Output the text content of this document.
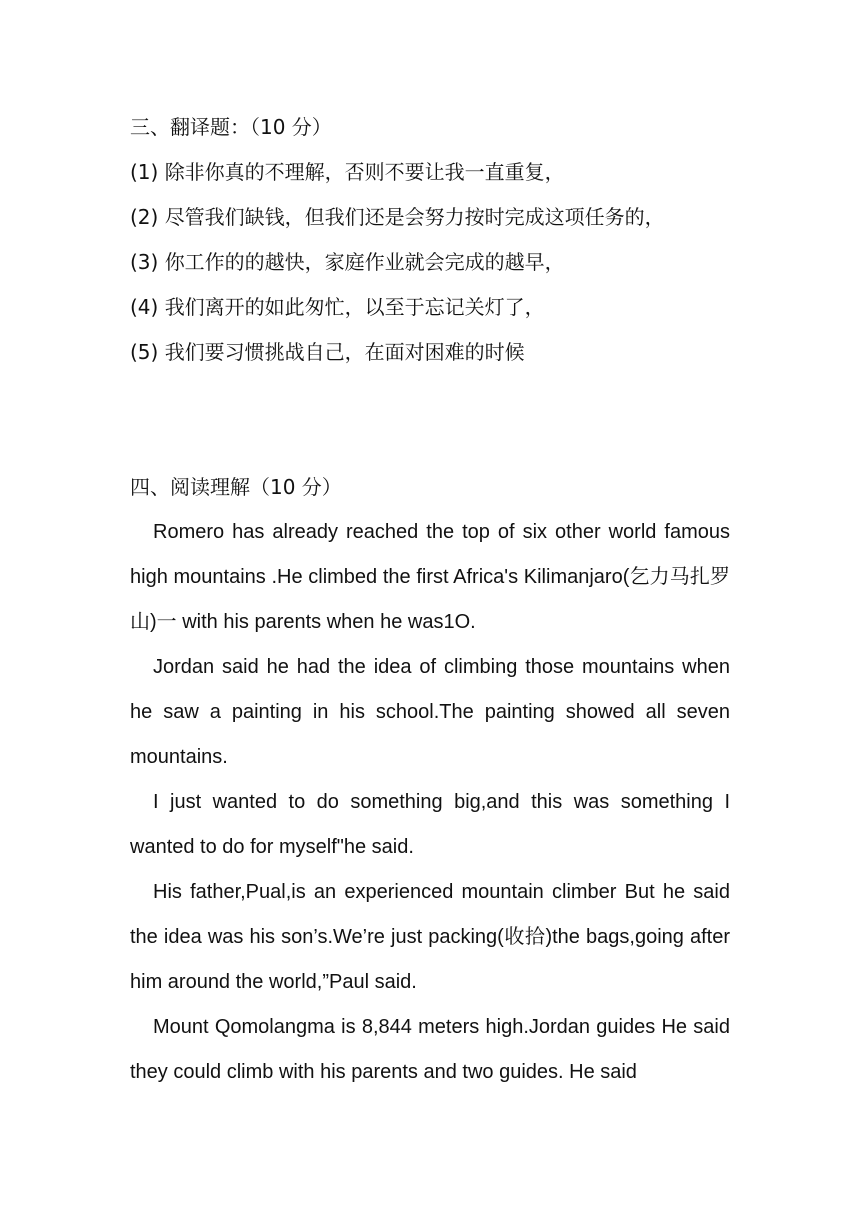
三、翻译题：（10 分）
(1) 除非你真的不理解，否则不要让我一直重复，
(2) 尽管我们缺钱，但我们还是会努力按时完成这项任务的，
(3) 你工作的的越快，家庭作业就会完成的越早，
(4) 我们离开的如此匆忙，以至于忘记关灯了，
(5) 我们要习惯挑战自己，在面对困难的时候
四、阅读理解（10 分）

Romero has already reached the top of six other world famous high mountains .He climbed the first Africa's Kilimanjaro(乞力马扎罗山)一 with his parents when he was1O.

Jordan said he had the idea of climbing those mountains when he saw a painting in his school.The painting showed all seven mountains.

I just wanted to do something big,and this was something I wanted to do for myself"he said.

His father,Pual,is an experienced mountain climber But he said the idea was his son’s.We’re just packing(收拾)the bags,going after him around the world,”Paul said.

Mount Qomolangma is 8,844 meters high.Jordan guides He said they could climb with his parents and two guides. He said
